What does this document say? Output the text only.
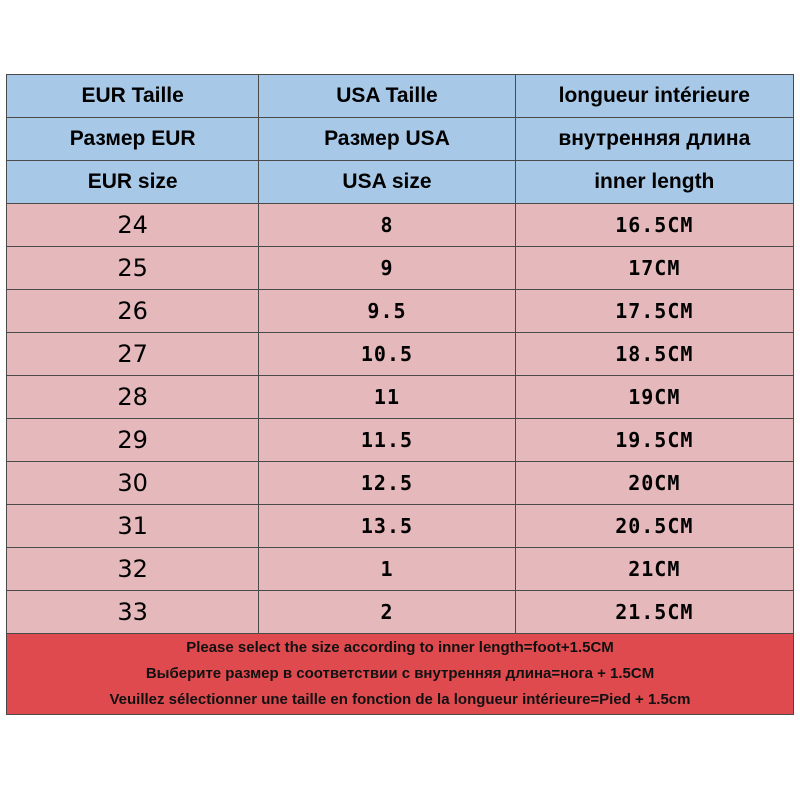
EUR Taille	USA Taille	longueur intérieure
Размер EUR	Размер USA	внутренняя длина
EUR size	USA size	inner length
24	8	16.5CM
25	9	17CM
26	9.5	17.5CM
27	10.5	18.5CM
28	11	19CM
29	11.5	19.5CM
30	12.5	20CM
31	13.5	20.5CM
32	1	21CM
33	2	21.5CM

Please select the size according to inner length=foot+1.5CM
Выберите размер в соответствии с внутренняя длина=нога + 1.5CM
Veuillez sélectionner une taille en fonction de la longueur intérieure=Pied + 1.5cm		
